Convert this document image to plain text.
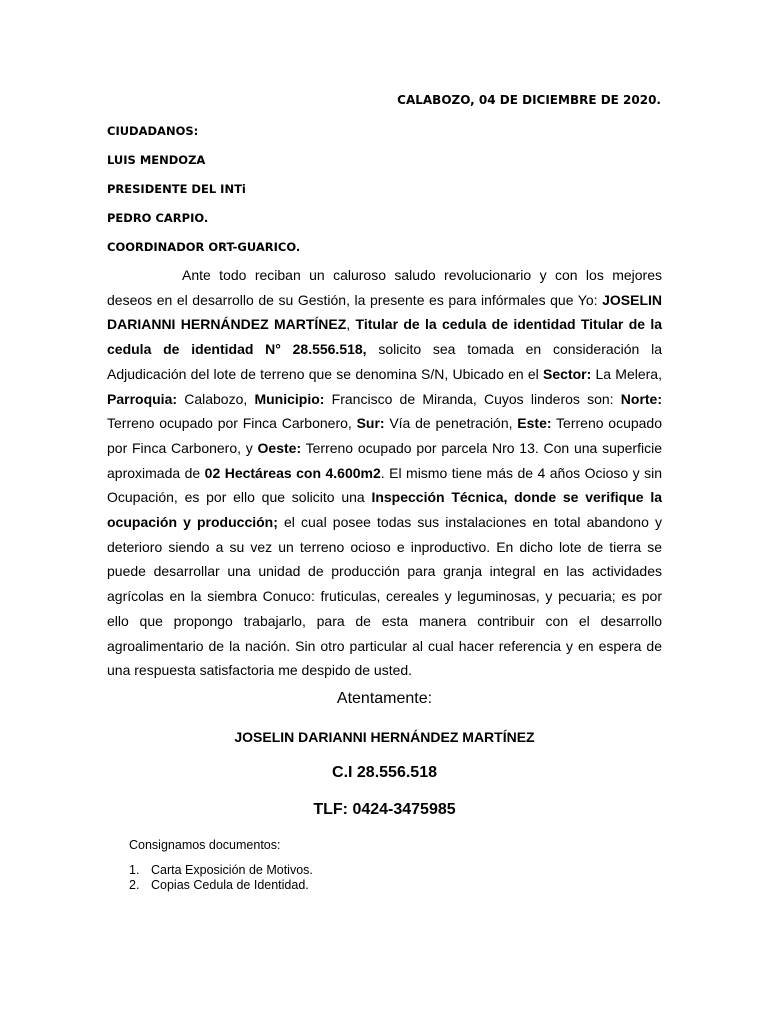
CALABOZO, 04 DE DICIEMBRE DE 2020.
CIUDADANOS:
LUIS MENDOZA
PRESIDENTE DEL INTi
PEDRO CARPIO.
COORDINADOR ORT-GUARICO.
Ante todo reciban un caluroso saludo revolucionario y con los mejores deseos en el desarrollo de su Gestión, la presente es para infórmales que Yo: JOSELIN DARIANNI HERNÁNDEZ MARTÍNEZ, Titular de la cedula de identidad Titular de la cedula de identidad N° 28.556.518, solicito sea tomada en consideración la Adjudicación del lote de terreno que se denomina S/N, Ubicado en el Sector: La Melera, Parroquia: Calabozo, Municipio: Francisco de Miranda, Cuyos linderos son: Norte: Terreno ocupado por Finca Carbonero, Sur: Vía de penetración, Este: Terreno ocupado por Finca Carbonero, y Oeste: Terreno ocupado por parcela Nro 13. Con una superficie aproximada de 02 Hectáreas con 4.600m2. El mismo tiene más de 4 años Ocioso y sin Ocupación, es por ello que solicito una Inspección Técnica, donde se verifique la ocupación y producción; el cual posee todas sus instalaciones en total abandono y deterioro siendo a su vez un terreno ocioso e inproductivo. En dicho lote de tierra se puede desarrollar una unidad de producción para granja integral en las actividades agrícolas en la siembra Conuco: fruticulas, cereales y leguminosas, y pecuaria; es por ello que propongo trabajarlo, para de esta manera contribuir con el desarrollo agroalimentario de la nación. Sin otro particular al cual hacer referencia y en espera de una respuesta satisfactoria me despido de usted.
Atentamente:
JOSELIN DARIANNI HERNÁNDEZ MARTÍNEZ
C.I 28.556.518
TLF: 0424-3475985
Consignamos documentos:
1. Carta Exposición de Motivos.
2. Copias Cedula de Identidad.
